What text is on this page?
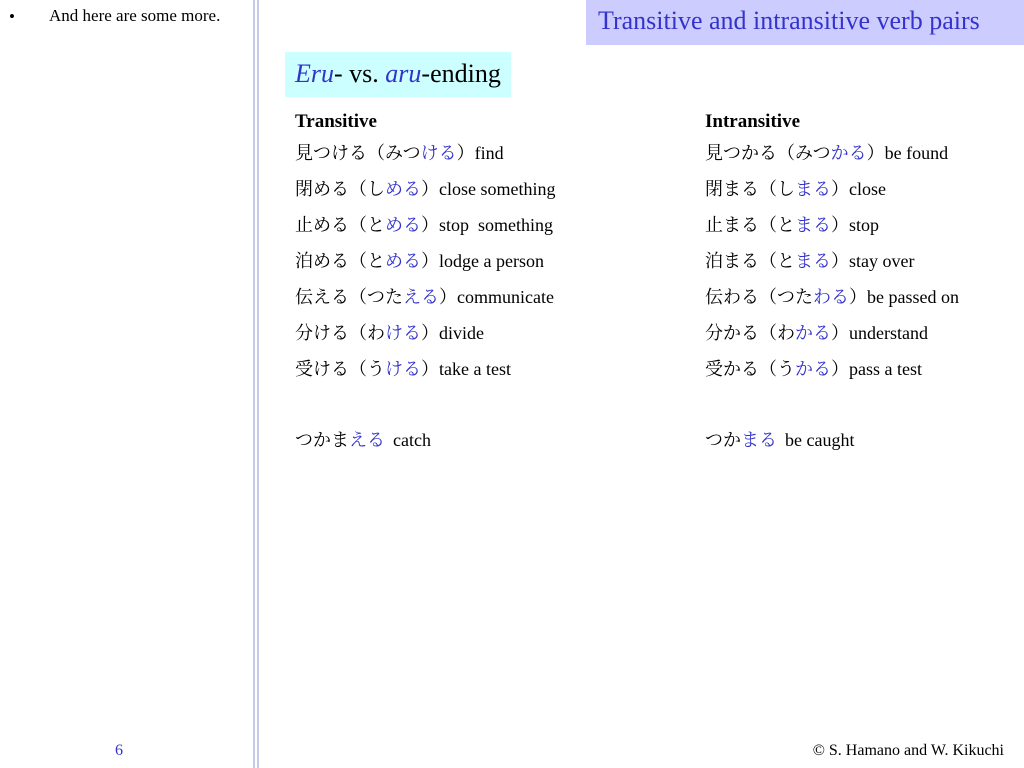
• And here are some more.
6
Transitive and intransitive verb pairs
Eru- vs. aru-ending
Transitive	Intransitive
見つける（みつける）find	見つかる（みつかる）be found
閉める（しめる）close something	閉まる（しまる）close
止める（とめる）stop  something	止まる（とまる）stop
泊める（とめる）lodge a person	泊まる（とまる）stay over
伝える（つたえる）communicate	伝わる（つたわる）be passed on
分ける（わける）divide	分かる（わかる）understand
受ける（うける）take a test	受かる（うかる）pass a test
つかまえる catch	つかまる be caught
© S. Hamano and W. Kikuchi
